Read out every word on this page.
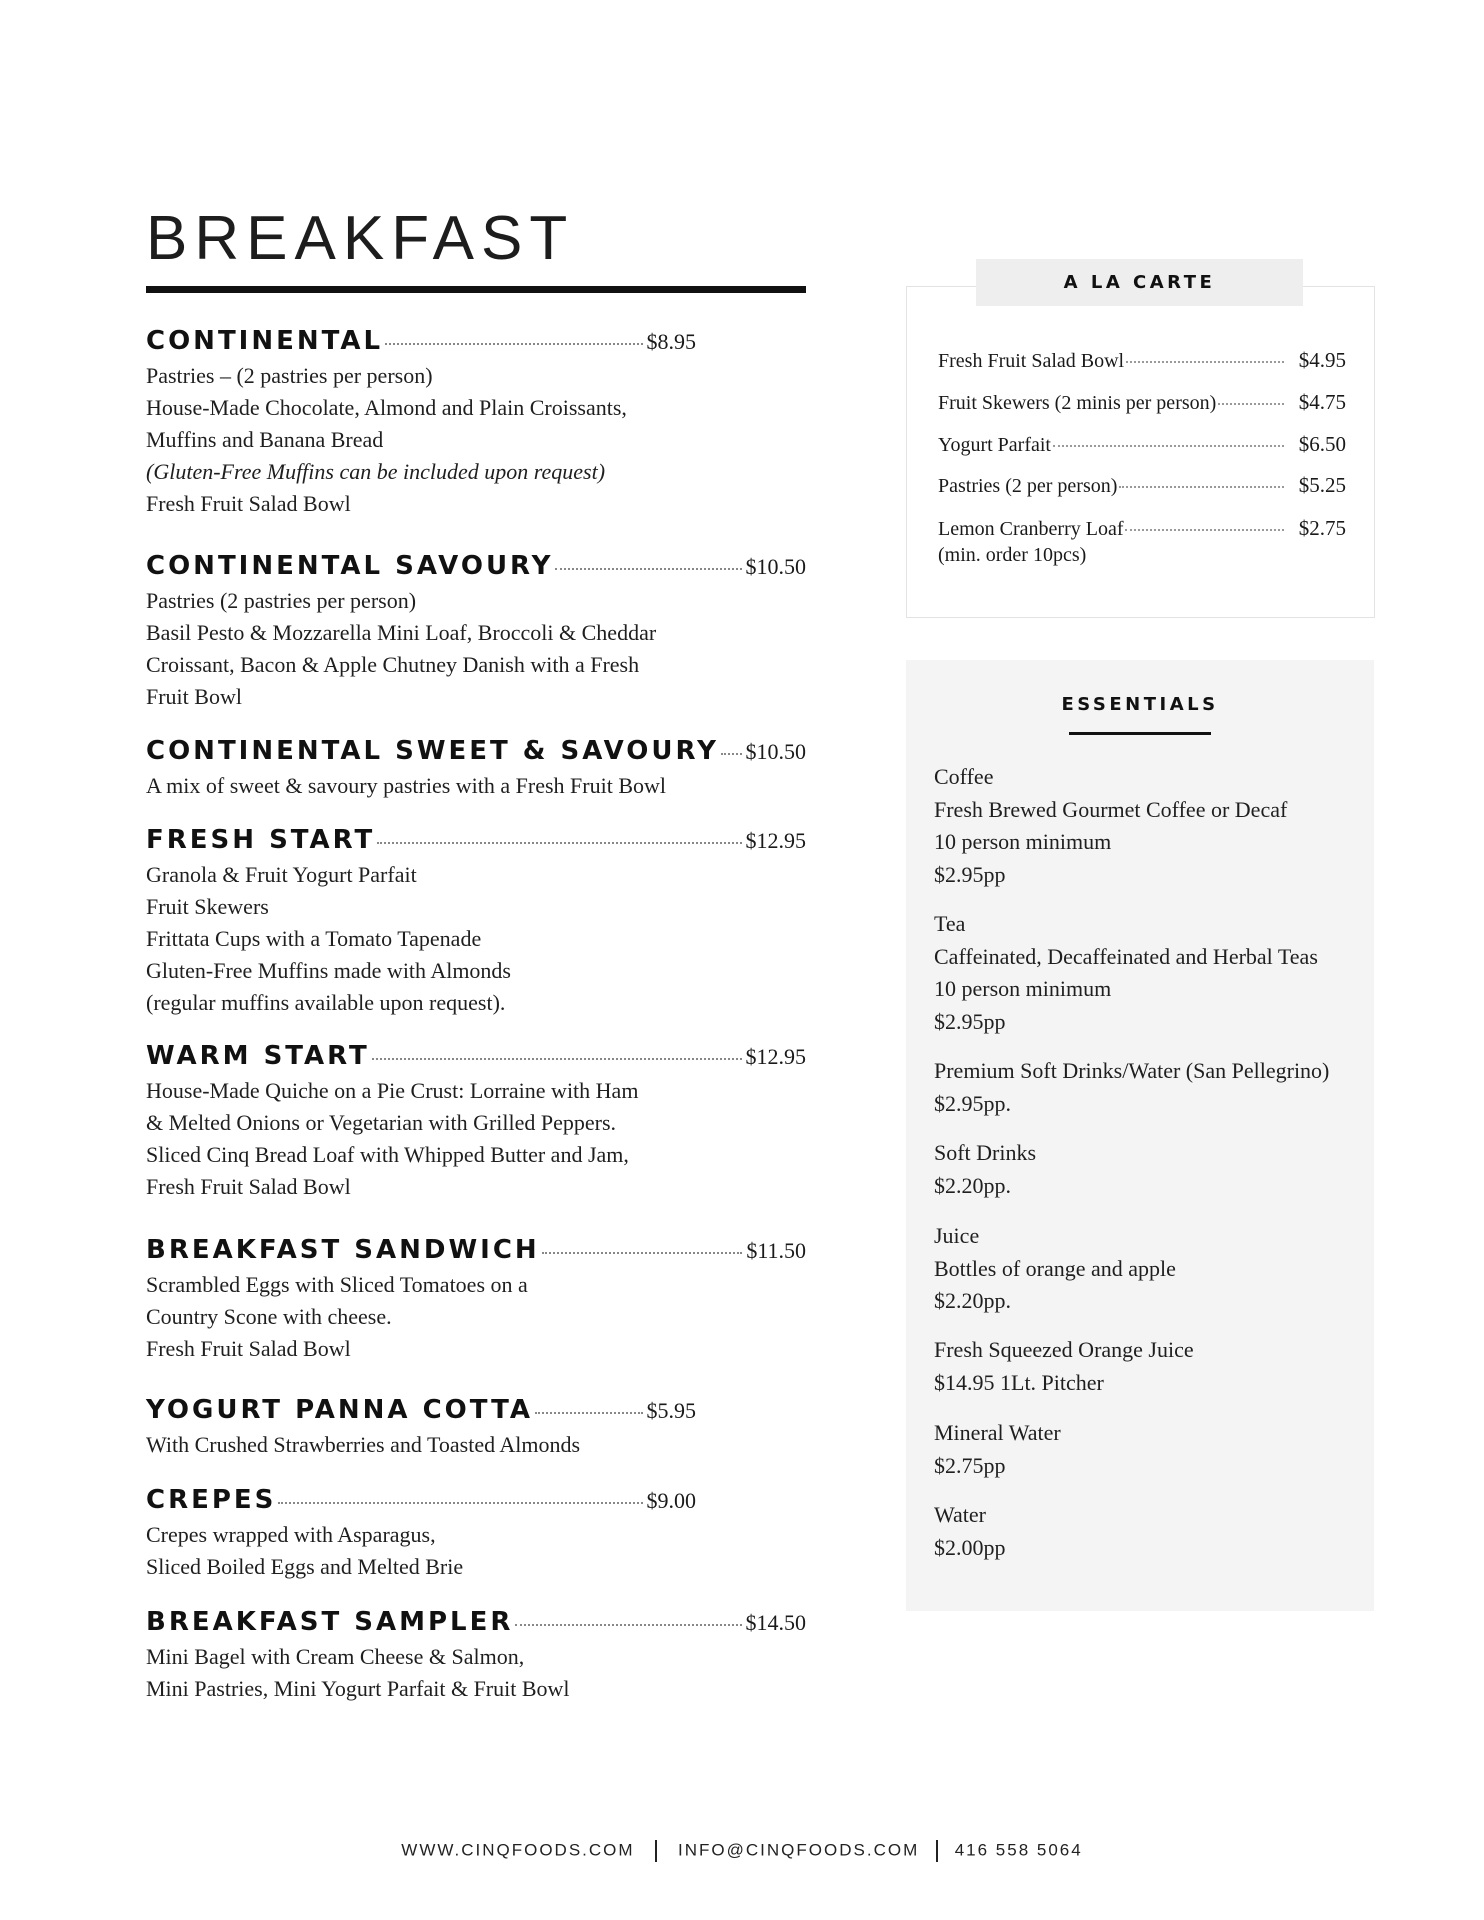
BREAKFAST
CONTINENTAL	$8.95
Pastries – (2 pastries per person)
House-Made Chocolate, Almond and Plain Croissants,
Muffins and Banana Bread
(Gluten-Free Muffins can be included upon request)
Fresh Fruit Salad Bowl
CONTINENTAL SAVOURY	$10.50
Pastries (2 pastries per person)
Basil Pesto & Mozzarella Mini Loaf, Broccoli & Cheddar
Croissant, Bacon & Apple Chutney Danish with a Fresh
Fruit Bowl
CONTINENTAL SWEET & SAVOURY $10.50
A mix of sweet & savoury pastries with a Fresh Fruit Bowl
FRESH START	$12.95
Granola & Fruit Yogurt Parfait
Fruit Skewers
Frittata Cups with a Tomato Tapenade
Gluten-Free Muffins made with Almonds
(regular muffins available upon request).
WARM START	$12.95
House-Made Quiche on a Pie Crust: Lorraine with Ham
& Melted Onions or Vegetarian with Grilled Peppers.
Sliced Cinq Bread Loaf with Whipped Butter and Jam,
Fresh Fruit Salad Bowl
BREAKFAST SANDWICH	$11.50
Scrambled Eggs with Sliced Tomatoes on a
Country Scone with cheese.
Fresh Fruit Salad Bowl
YOGURT PANNA COTTA	$5.95
With Crushed Strawberries and Toasted Almonds
CREPES	$9.00
Crepes wrapped with Asparagus,
Sliced Boiled Eggs and Melted Brie
BREAKFAST SAMPLER	$14.50
Mini Bagel with Cream Cheese & Salmon,
Mini Pastries, Mini Yogurt Parfait & Fruit Bowl
A LA CARTE
Fresh Fruit Salad Bowl	$4.95
Fruit Skewers (2 minis per person)	$4.75
Yogurt Parfait	$6.50
Pastries (2 per person)	$5.25
Lemon Cranberry Loaf	$2.75
(min. order 10pcs)
ESSENTIALS
Coffee
Fresh Brewed Gourmet Coffee or Decaf
10 person minimum
$2.95pp
Tea
Caffeinated, Decaffeinated and Herbal Teas
10 person minimum
$2.95pp
Premium Soft Drinks/Water (San Pellegrino)
$2.95pp.
Soft Drinks
$2.20pp.
Juice
Bottles of orange and apple
$2.20pp.
Fresh Squeezed Orange Juice
$14.95 1Lt. Pitcher
Mineral Water
$2.75pp
Water
$2.00pp
WWW.CINQFOODS.COM	INFO@CINQFOODS.COM 416 558 5064
